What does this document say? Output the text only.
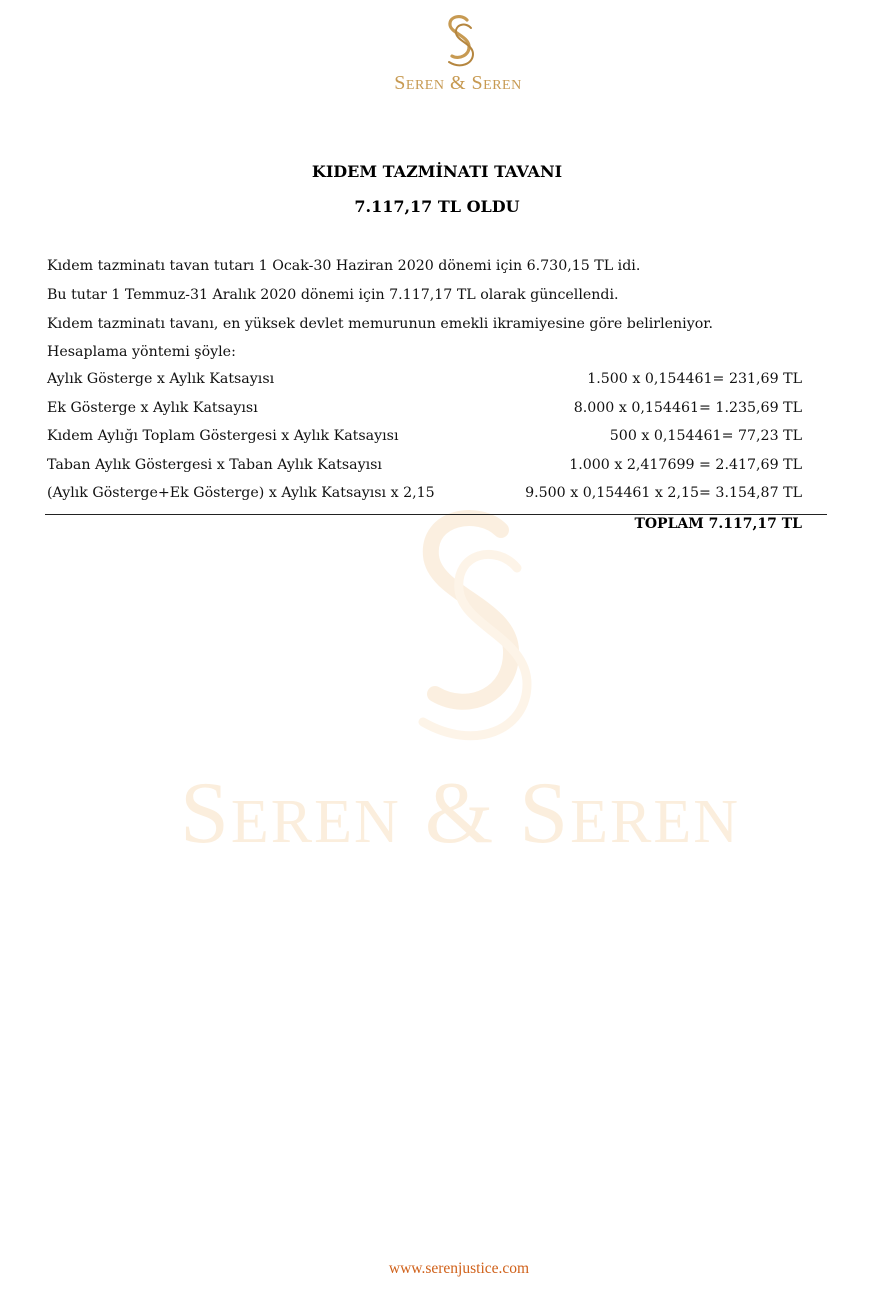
Seren & Seren
Seren & Seren
KIDEM TAZMİNATI TAVANI
7.117,17 TL OLDU
Kıdem tazminatı tavan tutarı 1 Ocak-30 Haziran 2020 dönemi için 6.730,15 TL idi.
Bu tutar 1 Temmuz-31 Aralık 2020 dönemi için 7.117,17 TL olarak güncellendi.
Kıdem tazminatı tavanı, en yüksek devlet memurunun emekli ikramiyesine göre belirleniyor.
Hesaplama yöntemi şöyle:
Aylık Gösterge x Aylık Katsayısı	1.500 x 0,154461= 231,69 TL
Ek Gösterge x Aylık Katsayısı	8.000 x 0,154461= 1.235,69 TL
Kıdem Aylığı Toplam Göstergesi x Aylık Katsayısı	500 x 0,154461= 77,23 TL
Taban Aylık Göstergesi x Taban Aylık Katsayısı	1.000 x 2,417699 = 2.417,69 TL
(Aylık Gösterge+Ek Gösterge) x Aylık Katsayısı x 2,15	9.500 x 0,154461 x 2,15= 3.154,87 TL
TOPLAM 7.117,17 TL
www.serenjustice.com
